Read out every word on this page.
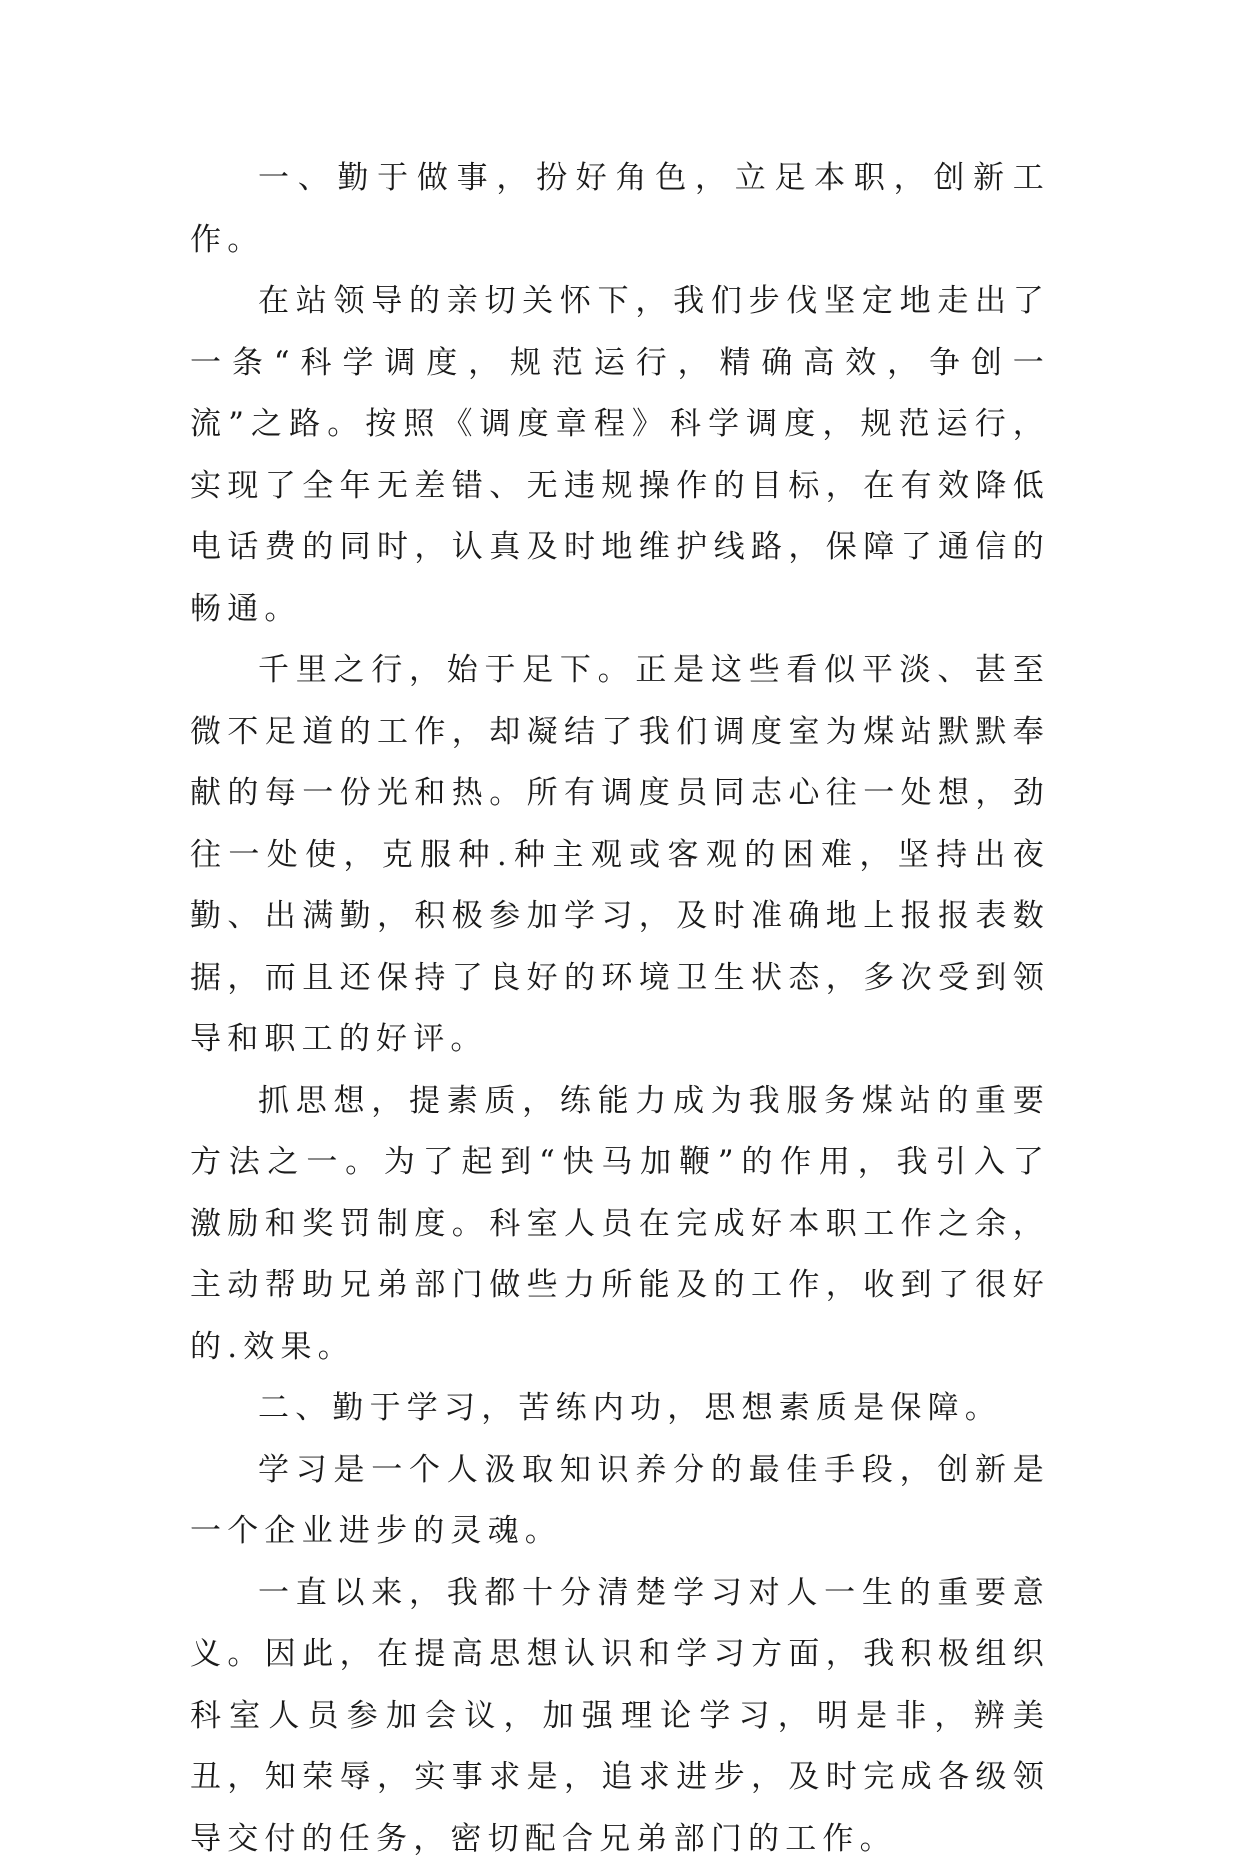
一、勤于做事，扮好角色，立足本职，创新工作。

在站领导的亲切关怀下，我们步伐坚定地走出了一条“科学调度，规范运行，精确高效，争创一流”之路。按照《调度章程》科学调度，规范运行，实现了全年无差错、无违规操作的目标，在有效降低电话费的同时，认真及时地维护线路，保障了通信的畅通。

千里之行，始于足下。正是这些看似平淡、甚至微不足道的工作，却凝结了我们调度室为煤站默默奉献的每一份光和热。所有调度员同志心往一处想，劲往一处使，克服种.种主观或客观的困难，坚持出夜勤、出满勤，积极参加学习，及时准确地上报报表数据，而且还保持了良好的环境卫生状态，多次受到领导和职工的好评。

抓思想，提素质，练能力成为我服务煤站的重要方法之一。为了起到“快马加鞭”的作用，我引入了激励和奖罚制度。科室人员在完成好本职工作之余，主动帮助兄弟部门做些力所能及的工作，收到了很好的.效果。

二、勤于学习，苦练内功，思想素质是保障。

学习是一个人汲取知识养分的最佳手段，创新是一个企业进步的灵魂。

一直以来，我都十分清楚学习对人一生的重要意义。因此，在提高思想认识和学习方面，我积极组织科室人员参加会议，加强理论学习，明是非，辨美丑，知荣辱，实事求是，追求进步，及时完成各级领导交付的任务，密切配合兄弟部门的工作。
